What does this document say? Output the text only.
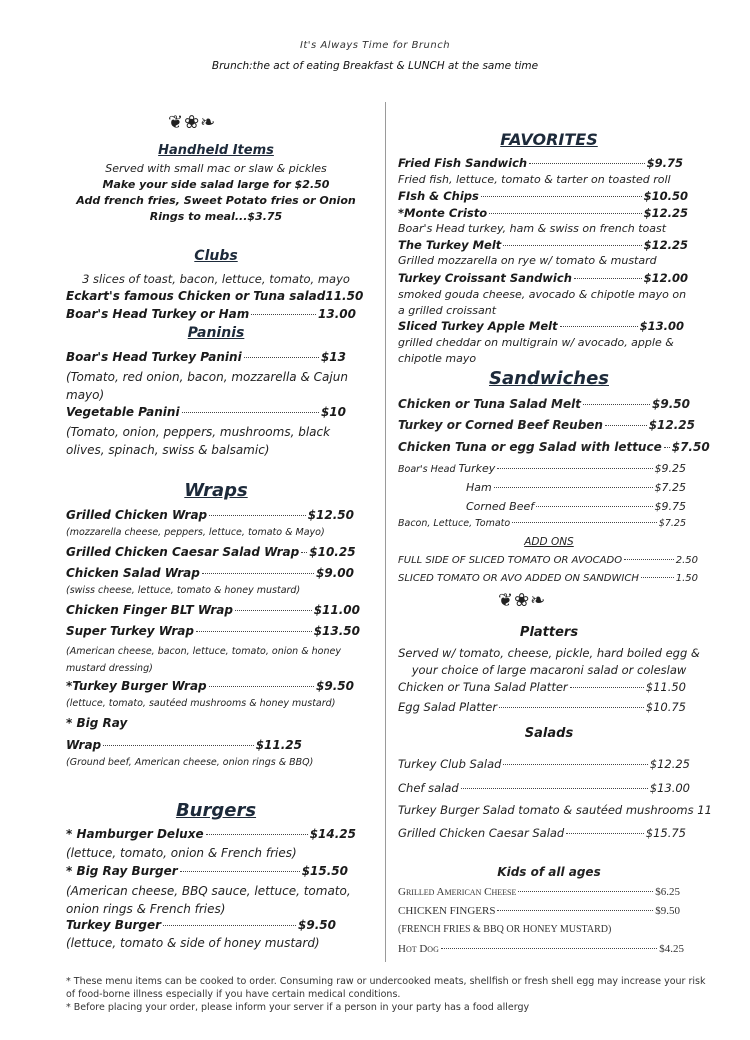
It's Always Time for Brunch
Brunch:the act of eating Breakfast & LUNCH at the same time
❦❀❧
Handheld Items
Served with small mac or slaw & pickles
Make your side salad large for $2.50
Add french fries, Sweet Potato fries or Onion
Rings to meal...$3.75
Clubs
3 slices of toast, bacon, lettuce, tomato, mayo
Eckart's famous Chicken or Tuna salad 11.50
Boar's Head Turkey or Ham	13.00
Paninis
Boar's Head Turkey Panini	$13
(Tomato, red onion, bacon, mozzarella & Cajun mayo)
Vegetable Panini	$10
(Tomato, onion, peppers, mushrooms, black olives, spinach, swiss & balsamic)
Wraps
Grilled Chicken Wrap	$12.50
(mozzarella cheese, peppers, lettuce, tomato & Mayo)
Grilled Chicken Caesar Salad Wrap $10.25
Chicken Salad Wrap	$9.00
(swiss cheese, lettuce, tomato & honey mustard)
Chicken Finger BLT Wrap	$11.00
Super Turkey Wrap	$13.50
(American cheese, bacon, lettuce, tomato, onion & honey mustard dressing)
*Turkey Burger Wrap	$9.50
(lettuce, tomato, sautéed mushrooms & honey mustard)
* Big Ray
Wrap	$11.25
(Ground beef, American cheese, onion rings & BBQ)
Burgers
* Hamburger Deluxe	$14.25
(lettuce, tomato, onion & French fries)
* Big Ray Burger	$15.50
(American cheese, BBQ sauce, lettuce, tomato, onion rings & French fries)
Turkey Burger	$9.50
(lettuce, tomato & side of honey mustard)
FAVORITES
Fried Fish Sandwich	$9.75
Fried fish, lettuce, tomato & tarter on toasted roll
FIsh & Chips	$10.50
*Monte Cristo	$12.25
Boar's Head turkey, ham & swiss on french toast
The Turkey Melt	$12.25
Grilled mozzarella on rye w/ tomato & mustard
Turkey Croissant Sandwich	$12.00
smoked gouda cheese, avocado & chipotle mayo on a grilled croissant
Sliced Turkey Apple Melt	$13.00
grilled cheddar on multigrain w/ avocado, apple & chipotle mayo
Sandwiches
Chicken or Tuna Salad Melt	$9.50
Turkey or Corned Beef Reuben	$12.25
Chicken Tuna or egg Salad with lettuce $7.50
Boar's Head
Turkey	$9.25
Ham	$7.25
Corned Beef	$9.75
Bacon, Lettuce, Tomato	$7.25
ADD ONS
FULL SIDE OF SLICED TOMATO OR AVOCADO	2.50
SLICED TOMATO OR AVO ADDED ON SANDWICH	1.50
❦❀❧
Platters
Served w/ tomato, cheese, pickle, hard boiled egg & your choice of large macaroni salad or coleslaw
Chicken or Tuna Salad Platter	$11.50
Egg Salad Platter	$10.75
Salads
Turkey Club Salad	$12.25
Chef salad	$13.00
Turkey Burger Salad tomato & sautéed mushrooms
11
Grilled Chicken Caesar Salad	$15.75
Kids of all ages
Grilled American Cheese	$6.25
CHICKEN FINGERS	$9.50
(FRENCH FRIES & BBQ OR HONEY MUSTARD)
Hot Dog	$4.25
* These menu items can be cooked to order. Consuming raw or undercooked meats, shellfish or fresh shell egg may increase your risk of food-borne illness especially if you have certain medical conditions.
* Before placing your order, please inform your server if a person in your party has a food allergy
